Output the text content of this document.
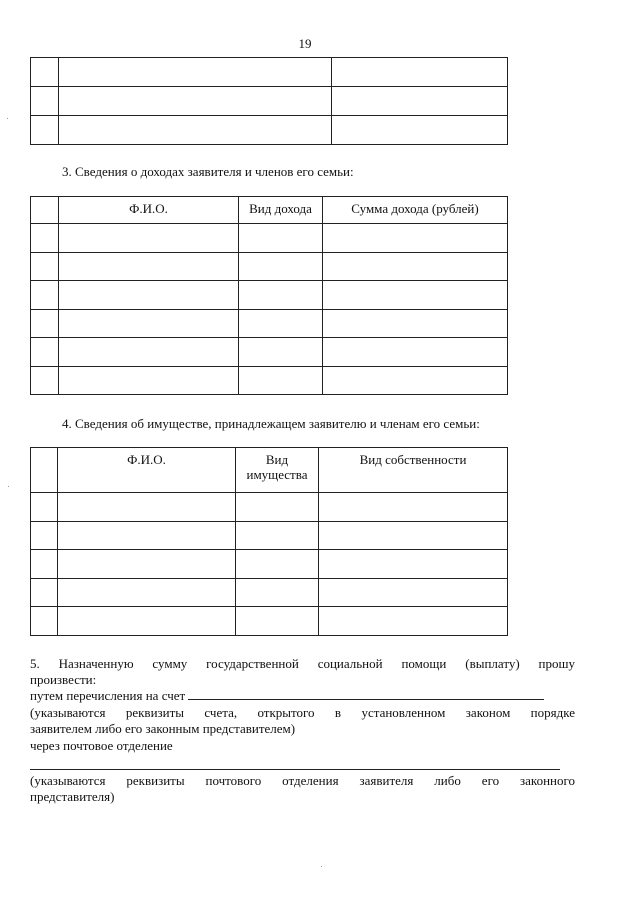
19

3. Сведения о доходах заявителя и членов его семьи:
	Ф.И.О.	Вид дохода	Сумма дохода (рублей)

4. Сведения об имуществе, принадлежащем заявителю и членам его семьи:
	Ф.И.О.	Вид имущества	Вид собственности

5. Назначенную сумму государственной социальной помощи (выплату) прошу
произвести:
путем перечисления на счет
(указываются реквизиты счета, открытого в установленном законом порядке
заявителем либо его законным представителем)
через почтовое отделение
(указываются реквизиты почтового отделения заявителя либо его законного
представителя)
